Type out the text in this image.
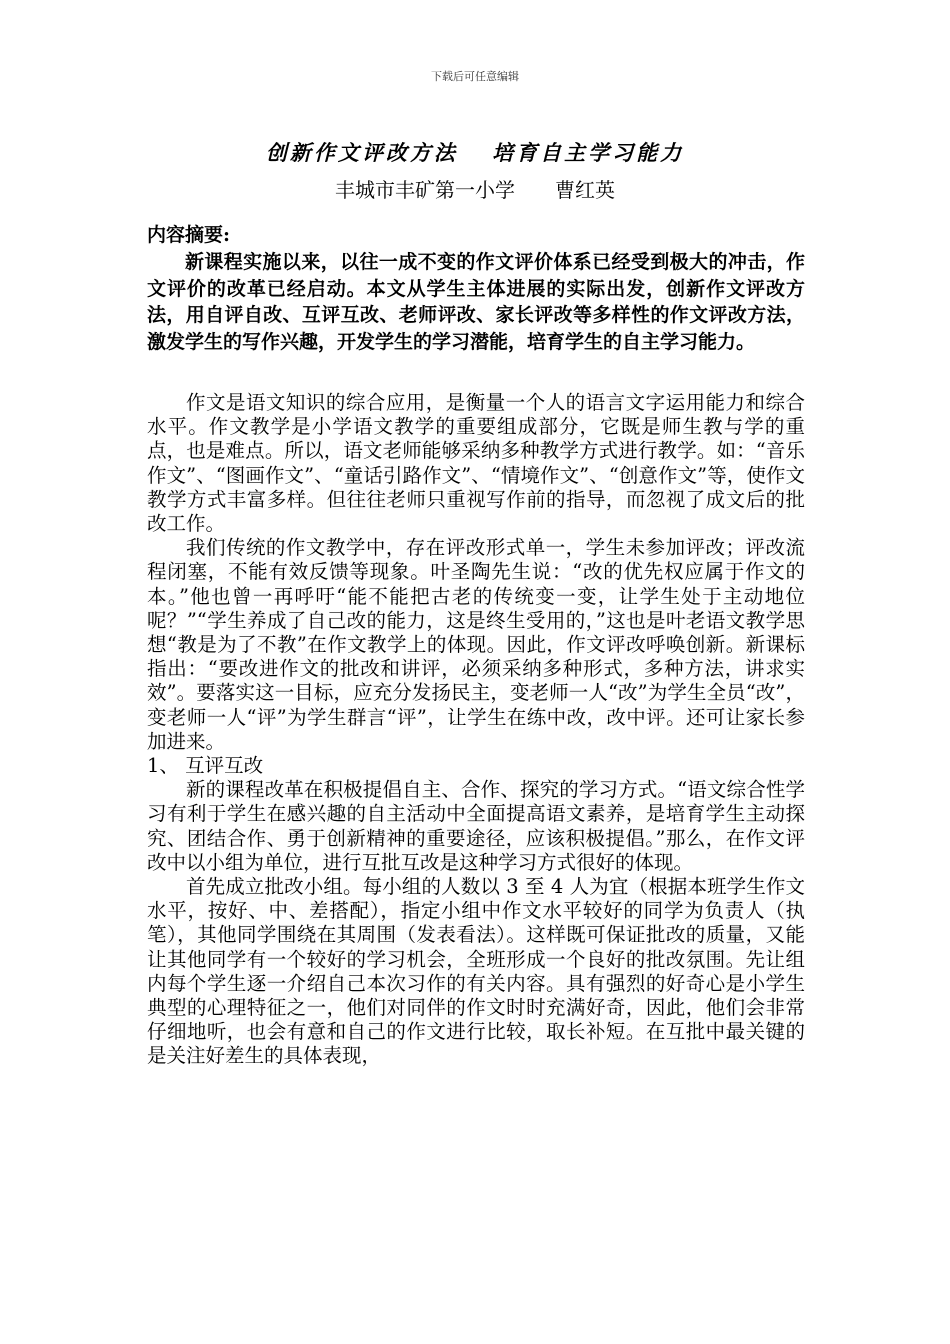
下载后可任意编辑
创新作文评改方法　 培育自主学习能力
丰城市丰矿第一小学　　曹红英

内容摘要:

新课程实施以来，以往一成不变的作文评价体系已经受到极大的冲击，作文评价的改革已经启动。本文从学生主体进展的实际出发，创新作文评改方法，用自评自改、互评互改、老师评改、家长评改等多样性的作文评改方法，激发学生的写作兴趣，开发学生的学习潜能，培育学生的自主学习能力。

作文是语文知识的综合应用，是衡量一个人的语言文字运用能力和综合水平。作文教学是小学语文教学的重要组成部分，它既是师生教与学的重点，也是难点。所以，语文老师能够采纳多种教学方式进行教学。如：“音乐作文”、“图画作文”、“童话引路作文”、“情境作文”、“创意作文”等，使作文教学方式丰富多样。但往往老师只重视写作前的指导，而忽视了成文后的批改工作。

我们传统的作文教学中，存在评改形式单一，学生未参加评改；评改流程闭塞，不能有效反馈等现象。叶圣陶先生说：“改的优先权应属于作文的本。”他也曾一再呼吁“能不能把古老的传统变一变，让学生处于主动地位呢？”“学生养成了自己改的能力，这是终生受用的，”这也是叶老语文教学思想“教是为了不教”在作文教学上的体现。因此，作文评改呼唤创新。新课标指出：“要改进作文的批改和讲评，必须采纳多种形式，多种方法，讲求实效”。要落实这一目标，应充分发扬民主，变老师一人“改”为学生全员“改”，变老师一人“评”为学生群言“评”，让学生在练中改，改中评。还可让家长参加进来。

1、 互评互改

新的课程改革在积极提倡自主、合作、探究的学习方式。“语文综合性学习有利于学生在感兴趣的自主活动中全面提高语文素养，是培育学生主动探究、团结合作、勇于创新精神的重要途径，应该积极提倡。”那么，在作文评改中以小组为单位，进行互批互改是这种学习方式很好的体现。

首先成立批改小组。每小组的人数以 3 至 4 人为宜（根据本班学生作文水平，按好、中、差搭配），指定小组中作文水平较好的同学为负责人（执笔），其他同学围绕在其周围（发表看法）。这样既可保证批改的质量，又能让其他同学有一个较好的学习机会，全班形成一个良好的批改氛围。先让组内每个学生逐一介绍自己本次习作的有关内容。具有强烈的好奇心是小学生典型的心理特征之一，他们对同伴的作文时时充满好奇，因此，他们会非常仔细地听，也会有意和自己的作文进行比较，取长补短。在互批中最关键的是关注好差生的具体表现，
